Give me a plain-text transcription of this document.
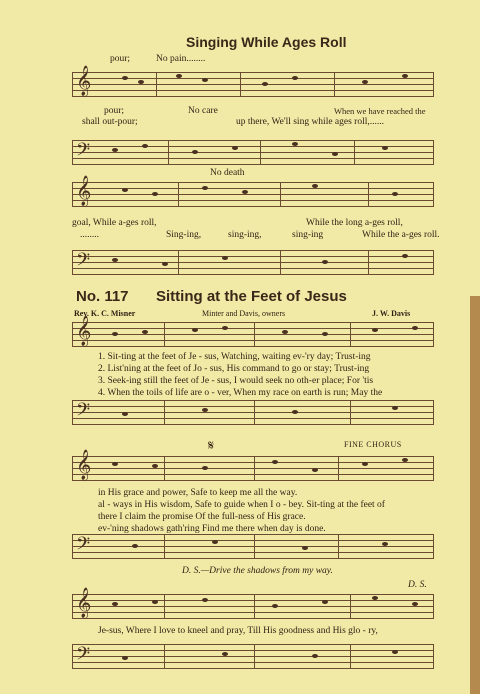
Singing While Ages Roll
pour;	No pain........
𝄞
pour;	No care	When we have reached the
shall out-pour;	up there, We'll sing while ages roll,......
𝄢
No death
𝄞
goal, While a-ges roll,	While the long a-ges roll,
........	Sing-ing,	sing-ing,	sing-ing	While the a-ges roll.
𝄢
No. 117 Sitting at the Feet of Jesus
Rev. K. C. Misner	Minter and Davis, owners	J. W. Davis
𝄞
1. Sit-ting at the feet of Je - sus, Watching, waiting ev-'ry day; Trust-ing
2. List'ning at the feet of Jo - sus, His command to go or stay; Trust-ing
3. Seek-ing still the feet of Je - sus, I would seek no oth-er place; For 'tis
4. When the toils of life are o - ver, When my race on earth is run; May the
𝄢
𝄋	FINE CHORUS
𝄞
in His grace and power, Safe to keep me all the way.
al - ways in His wisdom, Safe to guide when I o - bey. Sit-ting at the feet of
there I claim the promise Of the full-ness of His grace.
ev-'ning shadows gath'ring Find me there when day is done.
𝄢
D. S.—Drive the shadows from my way.
D. S.
𝄞
Je-sus, Where I love to kneel and pray, Till His goodness and His glo - ry,
𝄢
